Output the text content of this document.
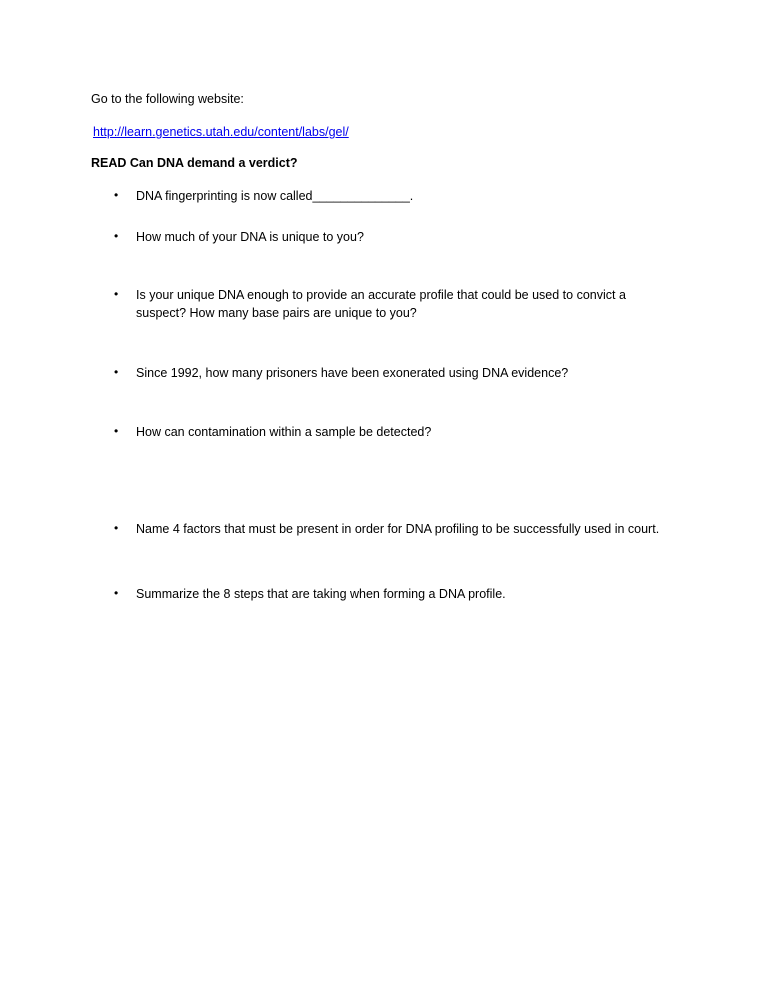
Go to the following website:
http://learn.genetics.utah.edu/content/labs/gel/
READ Can DNA demand a verdict?
•	DNA fingerprinting is now called______________.
•	How much of your DNA is unique to you?
•	Is your unique DNA enough to provide an accurate profile that could be used to convict a suspect? How many base pairs are unique to you?
•	Since 1992, how many prisoners have been exonerated using DNA evidence?
•	How can contamination within a sample be detected?
•	Name 4 factors that must be present in order for DNA profiling to be successfully used in court.
•	Summarize the 8 steps that are taking when forming a DNA profile.
